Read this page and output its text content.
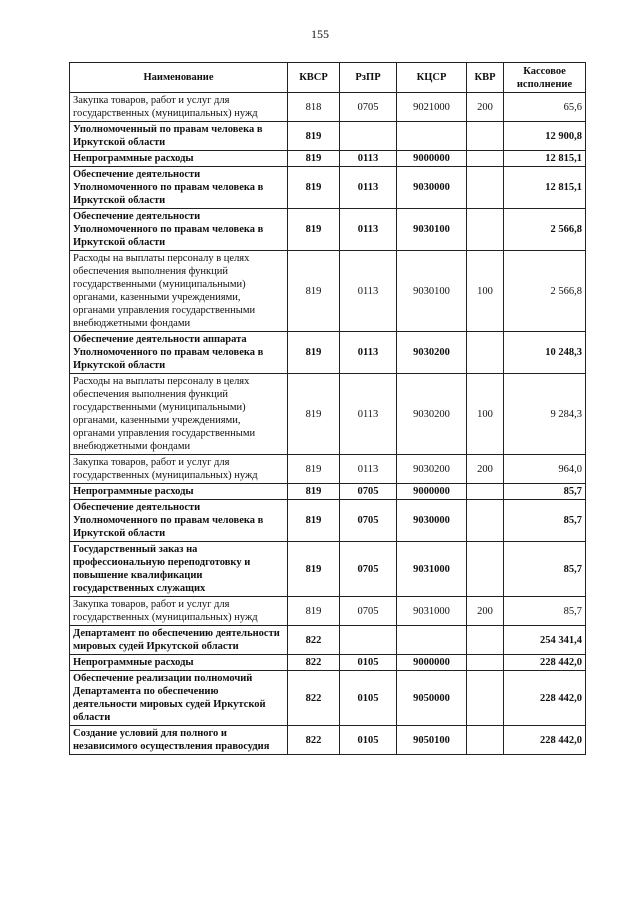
155
Наименование	КВСР	РзПР	КЦСР	КВР	Кассовое исполнение
Закупка товаров, работ и услуг для государственных (муниципальных) нужд	818	0705	9021000	200	65,6
Уполномоченный по правам человека в Иркутской области	819				12 900,8
Непрограммные расходы	819	0113	9000000		12 815,1
Обеспечение деятельности Уполномоченного по правам человека в Иркутской области	819	0113	9030000		12 815,1
Обеспечение деятельности Уполномоченного по правам человека в Иркутской области	819	0113	9030100		2 566,8
Расходы на выплаты персоналу в целях обеспечения выполнения функций государственными (муниципальными) органами, казенными учреждениями, органами управления государственными внебюджетными фондами	819	0113	9030100	100	2 566,8
Обеспечение деятельности аппарата Уполномоченного по правам человека в Иркутской области	819	0113	9030200		10 248,3
Расходы на выплаты персоналу в целях обеспечения выполнения функций государственными (муниципальными) органами, казенными учреждениями, органами управления государственными внебюджетными фондами	819	0113	9030200	100	9 284,3
Закупка товаров, работ и услуг для государственных (муниципальных) нужд	819	0113	9030200	200	964,0
Непрограммные расходы	819	0705	9000000		85,7
Обеспечение деятельности Уполномоченного по правам человека в Иркутской области	819	0705	9030000		85,7
Государственный заказ на профессиональную переподготовку и повышение квалификации государственных служащих	819	0705	9031000		85,7
Закупка товаров, работ и услуг для государственных (муниципальных) нужд	819	0705	9031000	200	85,7
Департамент по обеспечению деятельности мировых судей Иркутской области	822				254 341,4
Непрограммные расходы	822	0105	9000000		228 442,0
Обеспечение реализации полномочий Департамента по обеспечению деятельности мировых судей Иркутской области	822	0105	9050000		228 442,0
Создание условий для полного и независимого осуществления правосудия	822	0105	9050100		228 442,0
